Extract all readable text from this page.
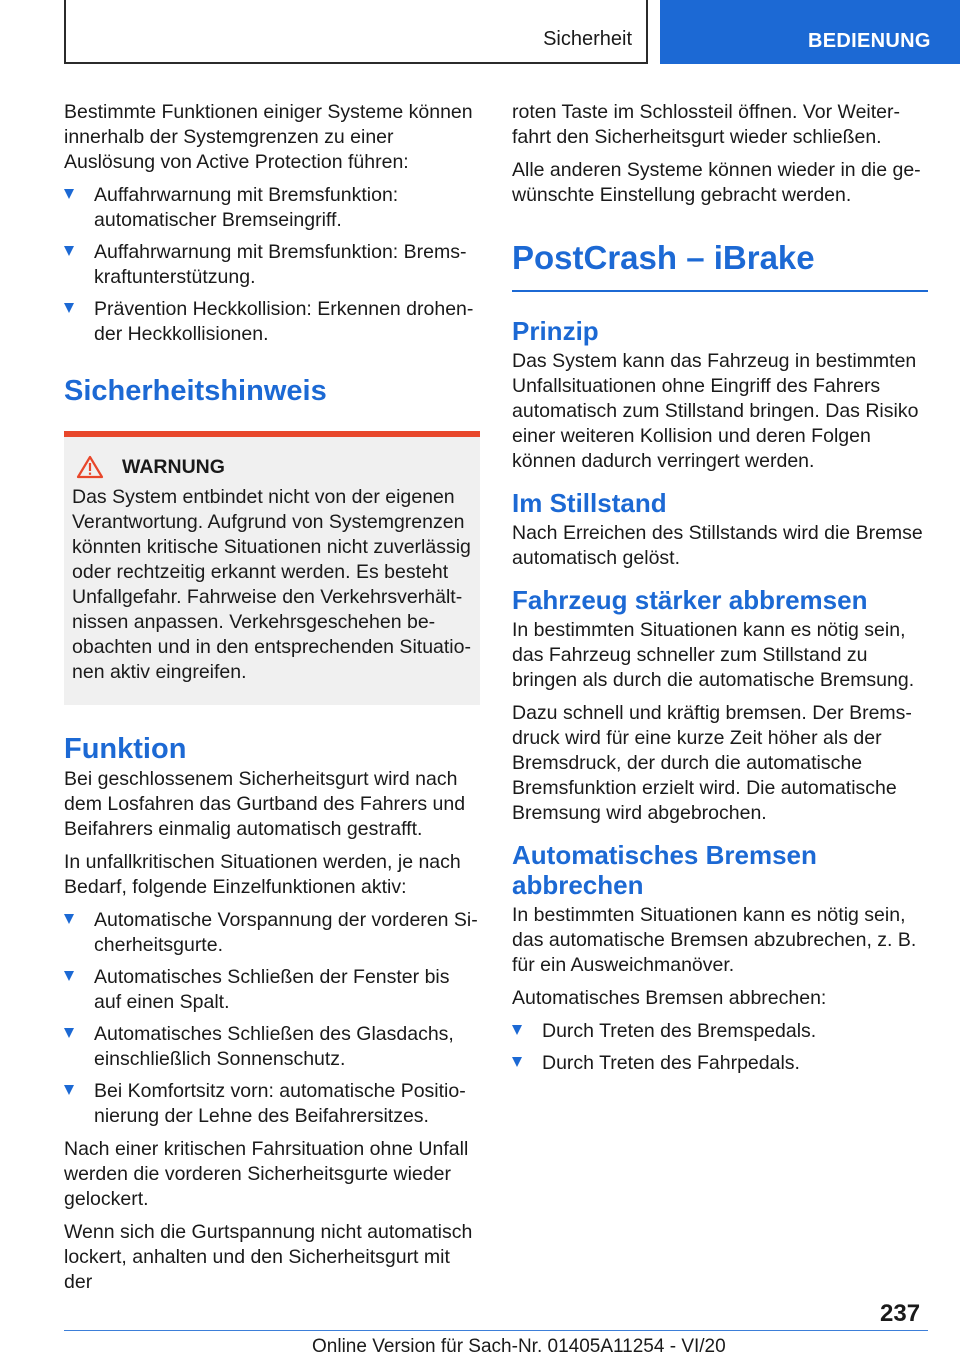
Sicherheit	BEDIENUNG

Bestimmte Funktionen einiger Systeme können innerhalb der Systemgrenzen zu einer Auslösung von Active Protection führen:

Auffahrwarnung mit Bremsfunktion: automatischer Bremseingriff.
Auffahrwarnung mit Bremsfunktion: Bremskraftunterstützung.
Prävention Heckkollision: Erkennen drohender Heckkollisionen.
Sicherheitshinweis
WARNUNG

Das System entbindet nicht von der eigenen Verantwortung. Aufgrund von Systemgrenzen könnten kritische Situationen nicht zuverlässig oder rechtzeitig erkannt werden. Es besteht Unfallgefahr. Fahrweise den Verkehrsverhältnissen anpassen. Verkehrsgeschehen beobachten und in den entsprechenden Situationen aktiv eingreifen.

Funktion

Bei geschlossenem Sicherheitsgurt wird nach dem Losfahren das Gurtband des Fahrers und Beifahrers einmalig automatisch gestrafft.

In unfallkritischen Situationen werden, je nach Bedarf, folgende Einzelfunktionen aktiv:

Automatische Vorspannung der vorderen Sicherheitsgurte.
Automatisches Schließen der Fenster bis auf einen Spalt.
Automatisches Schließen des Glasdachs, einschließlich Sonnenschutz.
Bei Komfortsitz vorn: automatische Positionierung der Lehne des Beifahrersitzes.

Nach einer kritischen Fahrsituation ohne Unfall werden die vorderen Sicherheitsgurte wieder gelockert.

Wenn sich die Gurtspannung nicht automatisch lockert, anhalten und den Sicherheitsgurt mit der

roten Taste im Schlossteil öffnen. Vor Weiterfahrt den Sicherheitsgurt wieder schließen.

Alle anderen Systeme können wieder in die gewünschte Einstellung gebracht werden.

PostCrash – iBrake
Prinzip

Das System kann das Fahrzeug in bestimmten Unfallsituationen ohne Eingriff des Fahrers automatisch zum Stillstand bringen. Das Risiko einer weiteren Kollision und deren Folgen können dadurch verringert werden.

Im Stillstand

Nach Erreichen des Stillstands wird die Bremse automatisch gelöst.

Fahrzeug stärker abbremsen

In bestimmten Situationen kann es nötig sein, das Fahrzeug schneller zum Stillstand zu bringen als durch die automatische Bremsung.

Dazu schnell und kräftig bremsen. Der Bremsdruck wird für eine kurze Zeit höher als der Bremsdruck, der durch die automatische Bremsfunktion erzielt wird. Die automatische Bremsung wird abgebrochen.

Automatisches Bremsen abbrechen

In bestimmten Situationen kann es nötig sein, das automatische Bremsen abzubrechen, z. B. für ein Ausweichmanöver.

Automatisches Bremsen abbrechen:

Durch Treten des Bremspedals.
Durch Treten des Fahrpedals.
237
Online Version für Sach-Nr. 01405A11254 - VI/20
